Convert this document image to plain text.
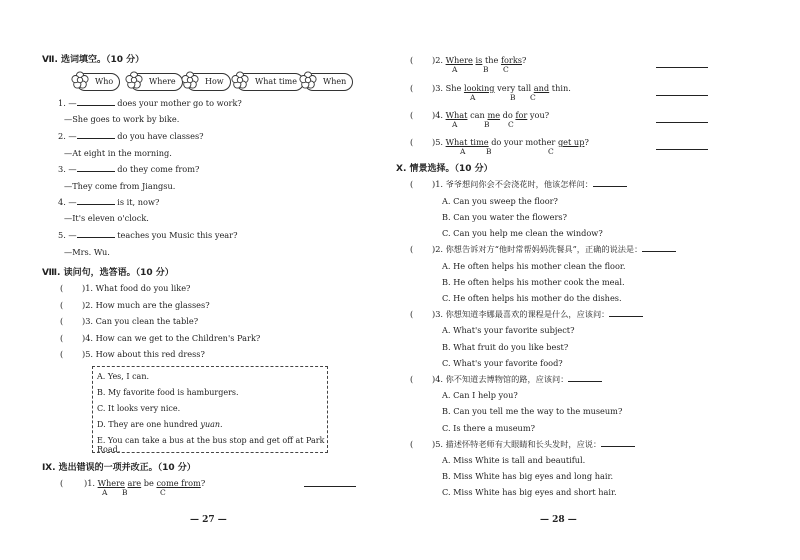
Ⅶ. 选词填空。（10 分）
Who	Where	How	What time	When
1. —	does your mother go to work?
—She goes to work by bike.
2. —	do you have classes?
—At eight in the morning.
3. —	do they come from?
—They come from Jiangsu.
4. —	is it, now?
—It's eleven o'clock.
5. —	teaches you Music this year?
—Mrs. Wu.
Ⅷ. 读问句，选答语。（10 分）
( )1. What food do you like?
( )2. How much are the glasses?
( )3. Can you clean the table?
( )4. How can we get to the Children's Park?
( )5. How about this red dress?
A. Yes, I can.
B. My favorite food is hamburgers.
C. It looks very nice.
D. They are one hundred yuan.
E. You can take a bus at the bus stop and get off at Park Road.
Ⅸ. 选出错误的一项并改正。（10 分）
(	)1. Where are be come from?
A B	C
— 27 —
( )2. Where is the forks?
A	B C
( )3. She looking very tall and thin.
A	B C
( )4. What can me do for you?
A	B C
( )5. What time do your mother get up?
A	B	C
Ⅹ. 情景选择。（10 分）
( )1. 爷爷想问你会不会浇花时，他该怎样问：
A. Can you sweep the floor?
B. Can you water the flowers?
C. Can you help me clean the window?
( )2. 你想告诉对方“他时常帮妈妈洗餐具”，正确的说法是：
A. He often helps his mother clean the floor.
B. He often helps his mother cook the meal.
C. He often helps his mother do the dishes.
( )3. 你想知道李娜最喜欢的课程是什么，应该问：
A. What's your favorite subject?
B. What fruit do you like best?
C. What's your favorite food?
( )4. 你不知道去博物馆的路，应该问：
A. Can I help you?
B. Can you tell me the way to the museum?
C. Is there a museum?
( )5. 描述怀特老师有大眼睛和长头发时，应说：
A. Miss White is tall and beautiful.
B. Miss White has big eyes and long hair.
C. Miss White has big eyes and short hair.
— 28 —
